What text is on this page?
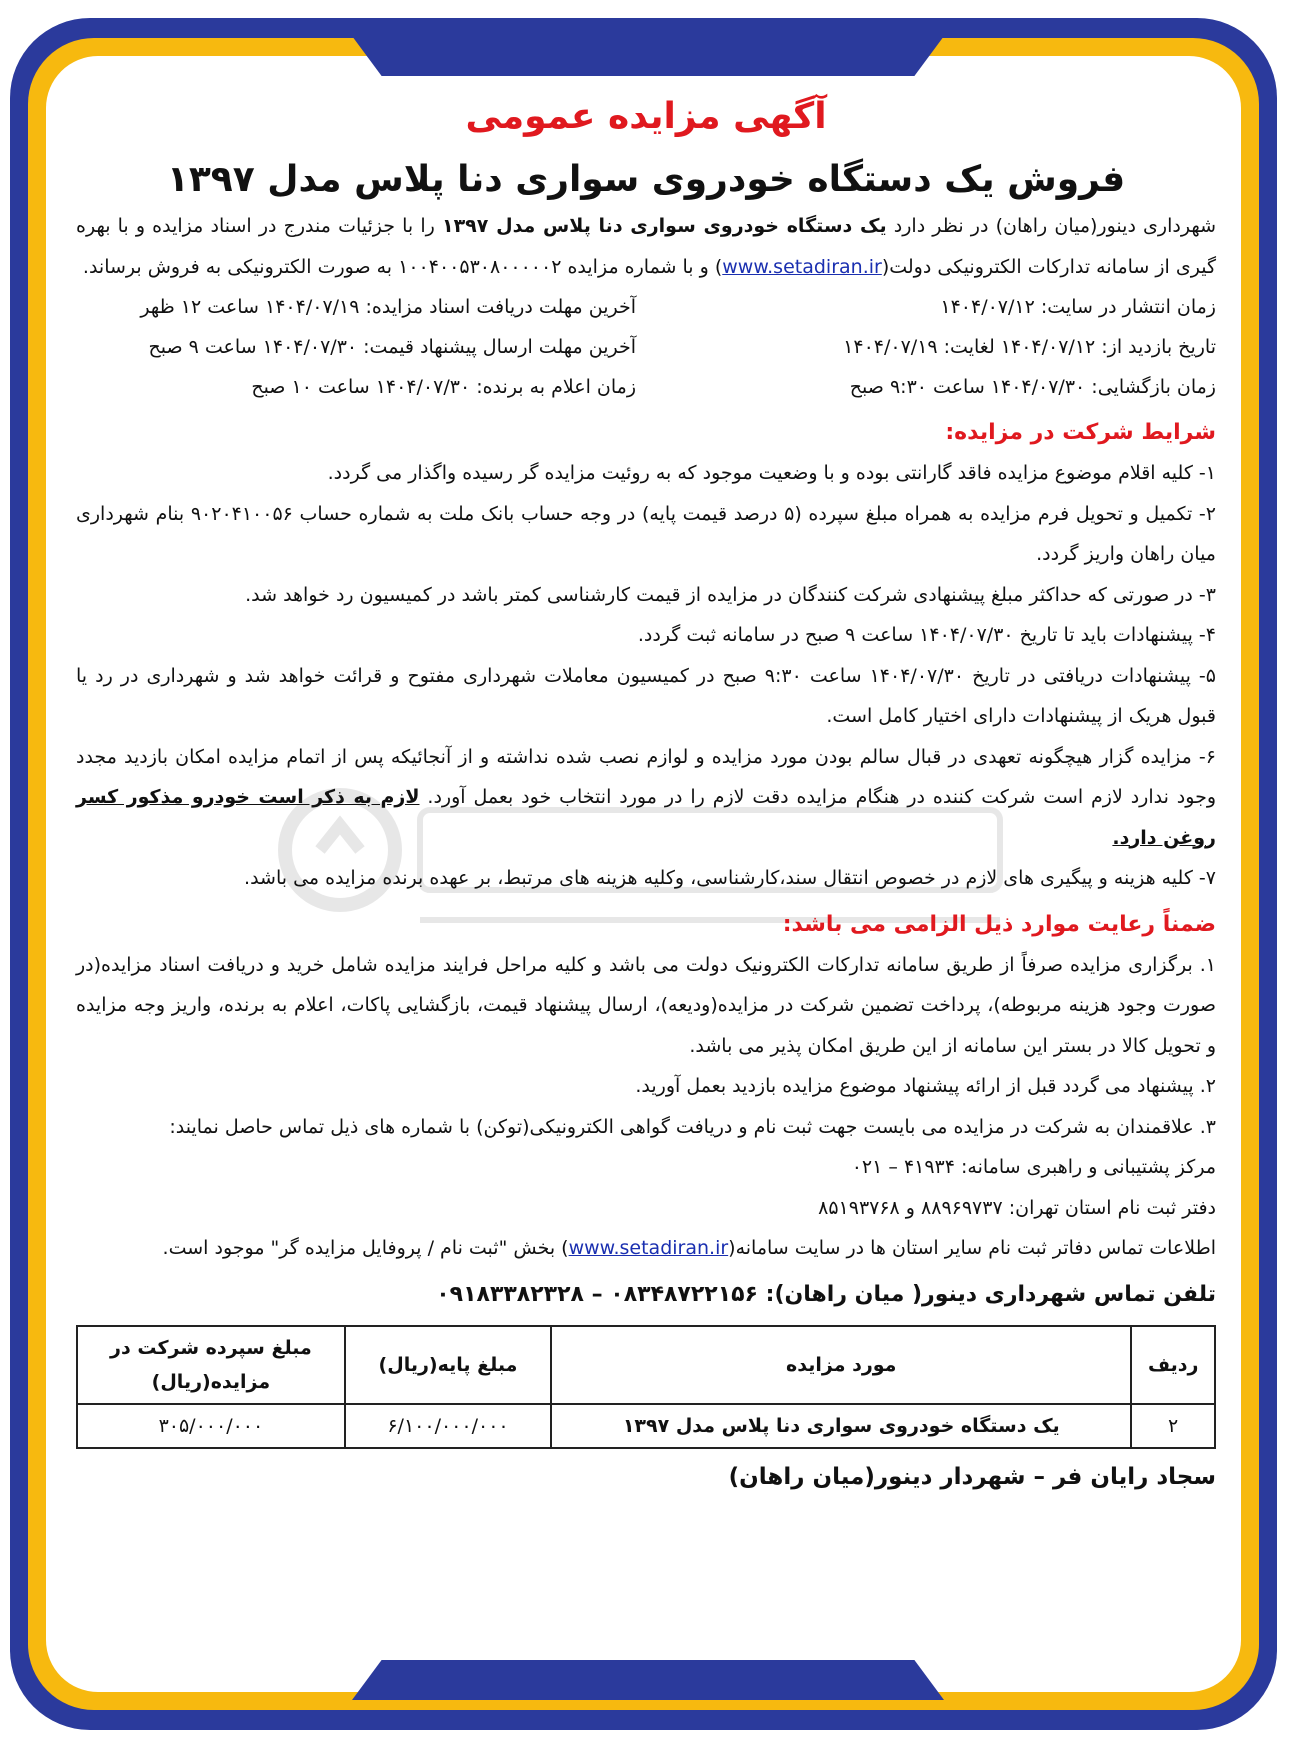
آگهی مزایده عمومی
فروش یک دستگاه خودروی سواری دنا پلاس مدل ۱۳۹۷

شهرداری دینور(میان راهان) در نظر دارد یک دستگاه خودروی سواری دنا پلاس مدل ۱۳۹۷ را با جزئیات مندرج در اسناد مزایده و با بهره گیری از سامانه تدارکات الکترونیکی دولت(www.setadiran.ir) و با شماره مزایده ۱۰۰۴۰۰۵۳۰۸۰۰۰۰۰۲ به صورت الکترونیکی به فروش برساند.

زمان انتشار در سایت: ۱۴۰۴/۰۷/۱۲
آخرین مهلت دریافت اسناد مزایده: ۱۴۰۴/۰۷/۱۹ ساعت ۱۲ ظهر
تاریخ بازدید از: ۱۴۰۴/۰۷/۱۲ لغایت: ۱۴۰۴/۰۷/۱۹
آخرین مهلت ارسال پیشنهاد قیمت: ۱۴۰۴/۰۷/۳۰ ساعت ۹ صبح
زمان بازگشایی: ۱۴۰۴/۰۷/۳۰ ساعت ۹:۳۰ صبح
زمان اعلام به برنده: ۱۴۰۴/۰۷/۳۰ ساعت ۱۰ صبح
شرایط شرکت در مزایده:

۱- کلیه اقلام موضوع مزایده فاقد گارانتی بوده و با وضعیت موجود که به روئیت مزایده گر رسیده واگذار می گردد.

۲- تکمیل و تحویل فرم مزایده به همراه مبلغ سپرده (۵ درصد قیمت پایه) در وجه حساب بانک ملت به شماره حساب ۹۰۲۰۴۱۰۰۵۶ بنام شهرداری میان راهان واریز گردد.

۳- در صورتی که حداکثر مبلغ پیشنهادی شرکت کنندگان در مزایده از قیمت کارشناسی کمتر باشد در کمیسیون رد خواهد شد.

۴- پیشنهادات باید تا تاریخ ۱۴۰۴/۰۷/۳۰ ساعت ۹ صبح در سامانه ثبت گردد.

۵- پیشنهادات دریافتی در تاریخ ۱۴۰۴/۰۷/۳۰ ساعت ۹:۳۰ صبح در کمیسیون معاملات شهرداری مفتوح و قرائت خواهد شد و شهرداری در رد یا قبول هریک از پیشنهادات دارای اختیار کامل است.

۶- مزایده گزار هیچگونه تعهدی در قبال سالم بودن مورد مزایده و لوازم نصب شده نداشته و از آنجائیکه پس از اتمام مزایده امکان بازدید مجدد وجود ندارد لازم است شرکت کننده در هنگام مزایده دقت لازم را در مورد انتخاب خود بعمل آورد. لازم به ذکر است خودرو مذکور کسر روغن دارد.

۷- کلیه هزینه و پیگیری های لازم در خصوص انتقال سند،کارشناسی، وکلیه هزینه های مرتبط، بر عهده برنده مزایده می باشد.

ضمناً رعایت موارد ذیل الزامی می باشد:

۱. برگزاری مزایده صرفاً از طریق سامانه تدارکات الکترونیک دولت می باشد و کلیه مراحل فرایند مزایده شامل خرید و دریافت اسناد مزایده(در صورت وجود هزینه مربوطه)، پرداخت تضمین شرکت در مزایده(ودیعه)، ارسال پیشنهاد قیمت، بازگشایی پاکات، اعلام به برنده، واریز وجه مزایده و تحویل کالا در بستر این سامانه از این طریق امکان پذیر می باشد.

۲. پیشنهاد می گردد قبل از ارائه پیشنهاد موضوع مزایده بازدید بعمل آورید.

۳. علاقمندان به شرکت در مزایده می بایست جهت ثبت نام و دریافت گواهی الکترونیکی(توکن) با شماره های ذیل تماس حاصل نمایند:

مرکز پشتیبانی و راهبری سامانه: ۴۱۹۳۴ – ۰۲۱

دفتر ثبت نام استان تهران: ۸۸۹۶۹۷۳۷ و ۸۵۱۹۳۷۶۸

اطلاعات تماس دفاتر ثبت نام سایر استان ها در سایت سامانه(www.setadiran.ir) بخش "ثبت نام / پروفایل مزایده گر" موجود است.

تلفن تماس شهرداری دینور( میان راهان): ۰۸۳۴۸۷۲۲۱۵۶ – ۰۹۱۸۳۳۸۲۳۲۸
ردیف	مورد مزایده	مبلغ پایه(ریال)	مبلغ سپرده شرکت در مزایده(ریال)
۲	یک دستگاه خودروی سواری دنا پلاس مدل ۱۳۹۷	۶/۱۰۰/۰۰۰/۰۰۰	۳۰۵/۰۰۰/۰۰۰
سجاد رایان فر – شهردار دینور(میان راهان)
